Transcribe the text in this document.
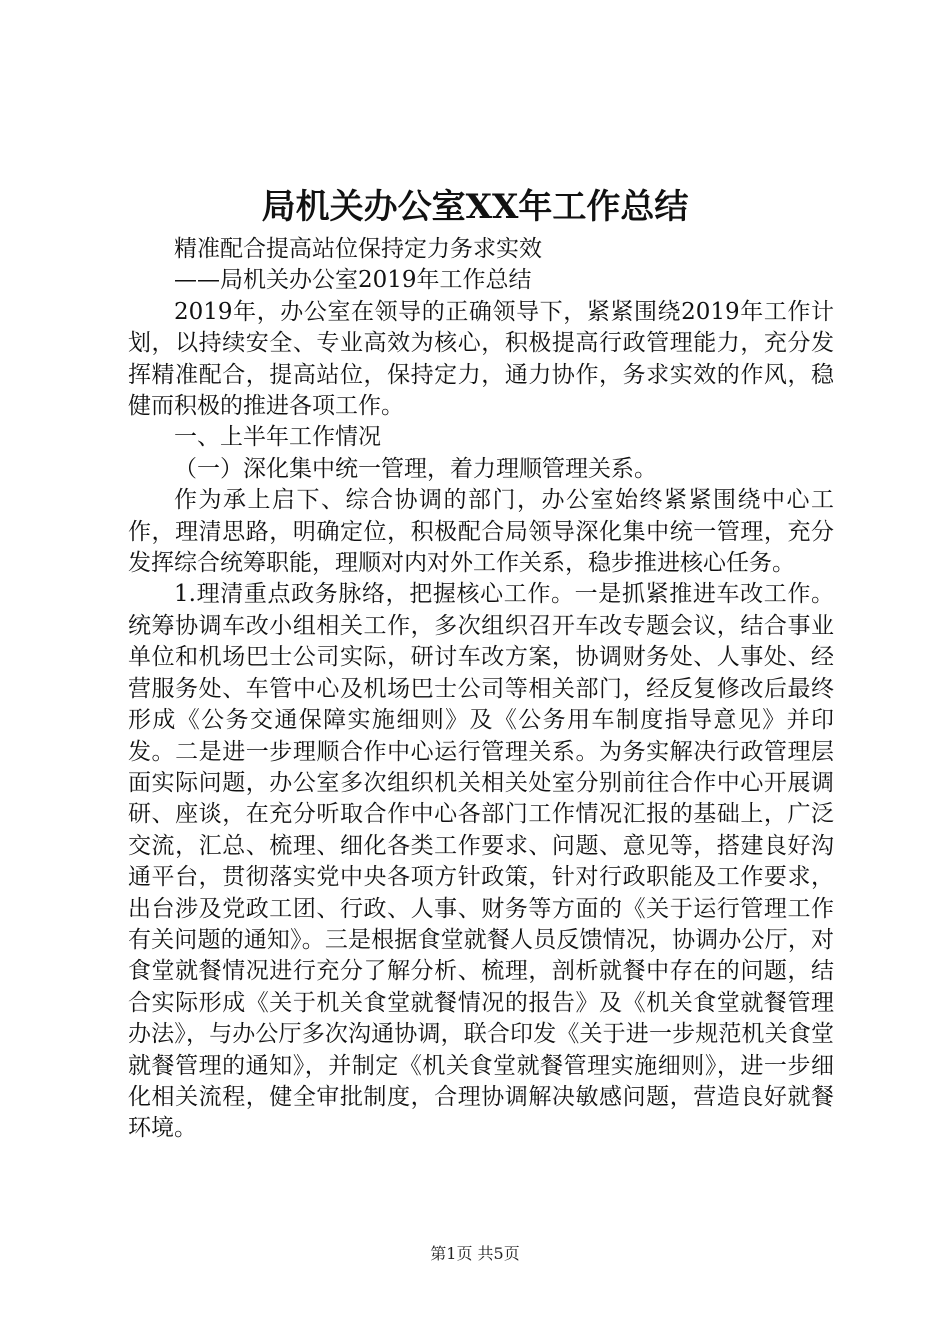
局机关办公室XX年工作总结

精准配合提高站位保持定力务求实效

——局机关办公室2019年工作总结

2019年，办公室在领导的正确领导下，紧紧围绕2019年工作计划，以持续安全、专业高效为核心，积极提高行政管理能力，充分发挥精准配合，提高站位，保持定力，通力协作，务求实效的作风，稳健而积极的推进各项工作。

一、上半年工作情况

（一）深化集中统一管理，着力理顺管理关系。

作为承上启下、综合协调的部门，办公室始终紧紧围绕中心工作，理清思路，明确定位，积极配合局领导深化集中统一管理，充分发挥综合统筹职能，理顺对内对外工作关系，稳步推进核心任务。

1.理清重点政务脉络，把握核心工作。一是抓紧推进车改工作。统筹协调车改小组相关工作，多次组织召开车改专题会议，结合事业单位和机场巴士公司实际，研讨车改方案，协调财务处、人事处、经营服务处、车管中心及机场巴士公司等相关部门，经反复修改后最终形成《公务交通保障实施细则》及《公务用车制度指导意见》并印发。二是进一步理顺合作中心运行管理关系。为务实解决行政管理层面实际问题，办公室多次组织机关相关处室分别前往合作中心开展调研、座谈，在充分听取合作中心各部门工作情况汇报的基础上，广泛交流，汇总、梳理、细化各类工作要求、问题、意见等，搭建良好沟通平台，贯彻落实党中央各项方针政策，针对行政职能及工作要求，出台涉及党政工团、行政、人事、财务等方面的《关于运行管理工作有关问题的通知》。三是根据食堂就餐人员反馈情况，协调办公厅，对食堂就餐情况进行充分了解分析、梳理，剖析就餐中存在的问题，结合实际形成《关于机关食堂就餐情况的报告》及《机关食堂就餐管理办法》，与办公厅多次沟通协调，联合印发《关于进一步规范机关食堂就餐管理的通知》，并制定《机关食堂就餐管理实施细则》，进一步细化相关流程，健全审批制度，合理协调解决敏感问题，营造良好就餐环境。

第1页 共5页
